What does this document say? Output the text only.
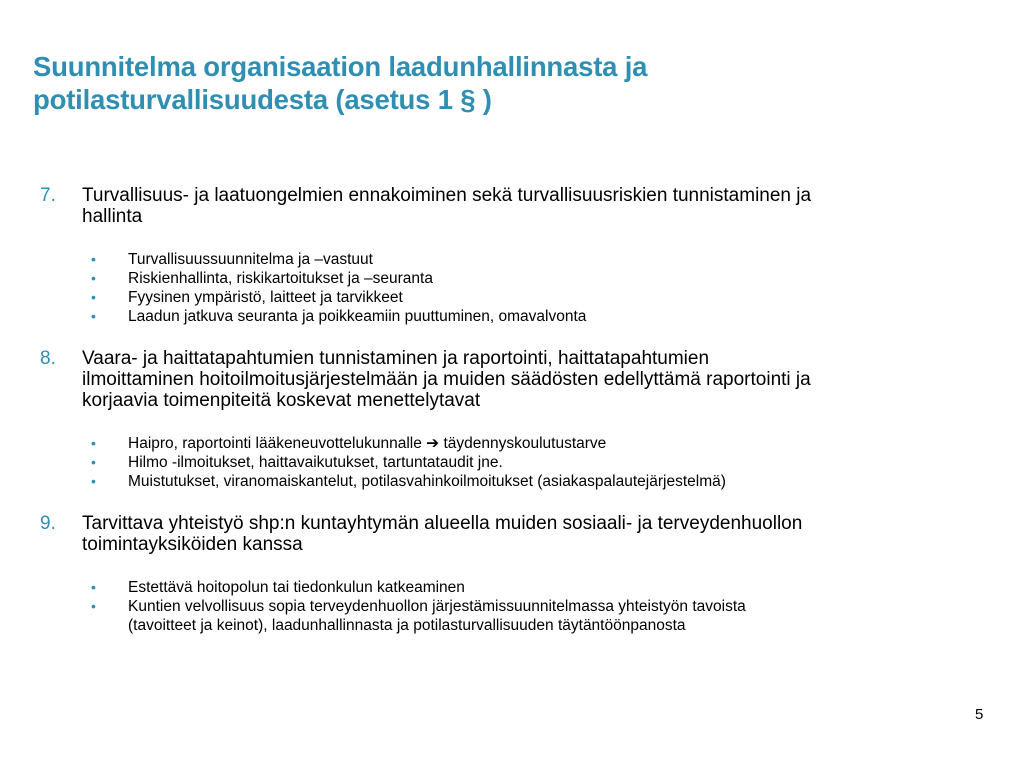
Suunnitelma organisaation laadunhallinnasta ja
potilasturvallisuudesta (asetus 1 § )
7. Turvallisuus- ja laatuongelmien ennakoiminen sekä turvallisuusriskien tunnistaminen ja
hallinta
• Turvallisuussuunnitelma ja –vastuut
• Riskienhallinta, riskikartoitukset ja –seuranta
• Fyysinen ympäristö, laitteet ja tarvikkeet
• Laadun jatkuva seuranta ja poikkeamiin puuttuminen, omavalvonta
8. Vaara- ja haittatapahtumien tunnistaminen ja raportointi, haittatapahtumien
ilmoittaminen hoitoilmoitusjärjestelmään ja muiden säädösten edellyttämä raportointi ja
korjaavia toimenpiteitä koskevat menettelytavat
• Haipro, raportointi lääkeneuvottelukunnalle ➔ täydennyskoulutustarve
• Hilmo -ilmoitukset, haittavaikutukset, tartuntataudit jne.
• Muistutukset, viranomaiskantelut, potilasvahinkoilmoitukset (asiakaspalautejärjestelmä)
9. Tarvittava yhteistyö shp:n kuntayhtymän alueella muiden sosiaali- ja terveydenhuollon
toimintayksiköiden kanssa
• Estettävä hoitopolun tai tiedonkulun katkeaminen
• Kuntien velvollisuus sopia terveydenhuollon järjestämissuunnitelmassa yhteistyön tavoista
(tavoitteet ja keinot), laadunhallinnasta ja potilasturvallisuuden täytäntöönpanosta
5
